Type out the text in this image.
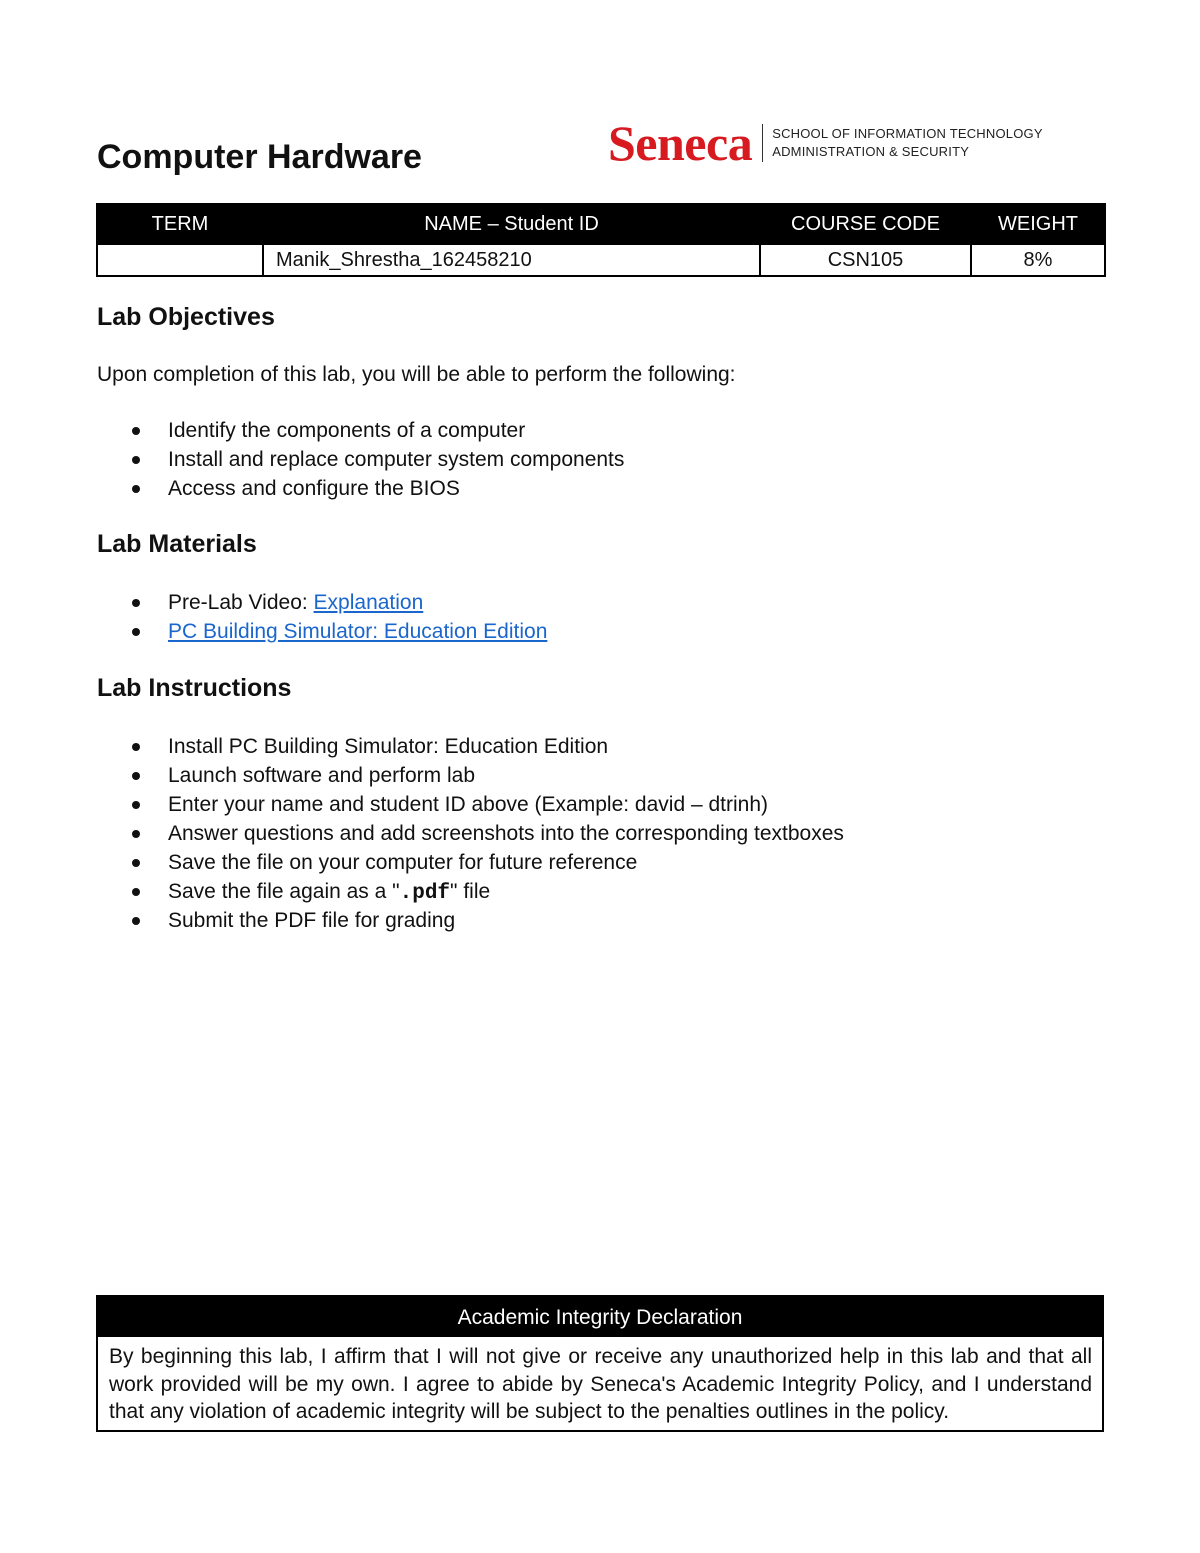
Computer Hardware	Seneca SCHOOL OF INFORMATION TECHNOLOGY
ADMINISTRATION & SECURITY
TERM	NAME – Student ID	COURSE CODE	WEIGHT
	Manik_Shrestha_162458210	CSN105	8%
Lab Objectives

Upon completion of this lab, you will be able to perform the following:

Identify the components of a computer
Install and replace computer system components
Access and configure the BIOS
Lab Materials
Pre-Lab Video: Explanation
PC Building Simulator: Education Edition
Lab Instructions
Install PC Building Simulator: Education Edition
Launch software and perform lab
Enter your name and student ID above (Example: david – dtrinh)
Answer questions and add screenshots into the corresponding textboxes
Save the file on your computer for future reference
Save the file again as a ".pdf" file
Submit the PDF file for grading
Academic Integrity Declaration
By beginning this lab, I affirm that I will not give or receive any unauthorized help in this lab and that all work provided will be my own. I agree to abide by Seneca's Academic Integrity Policy, and I understand that any violation of academic integrity will be subject to the penalties outlines in the policy.
